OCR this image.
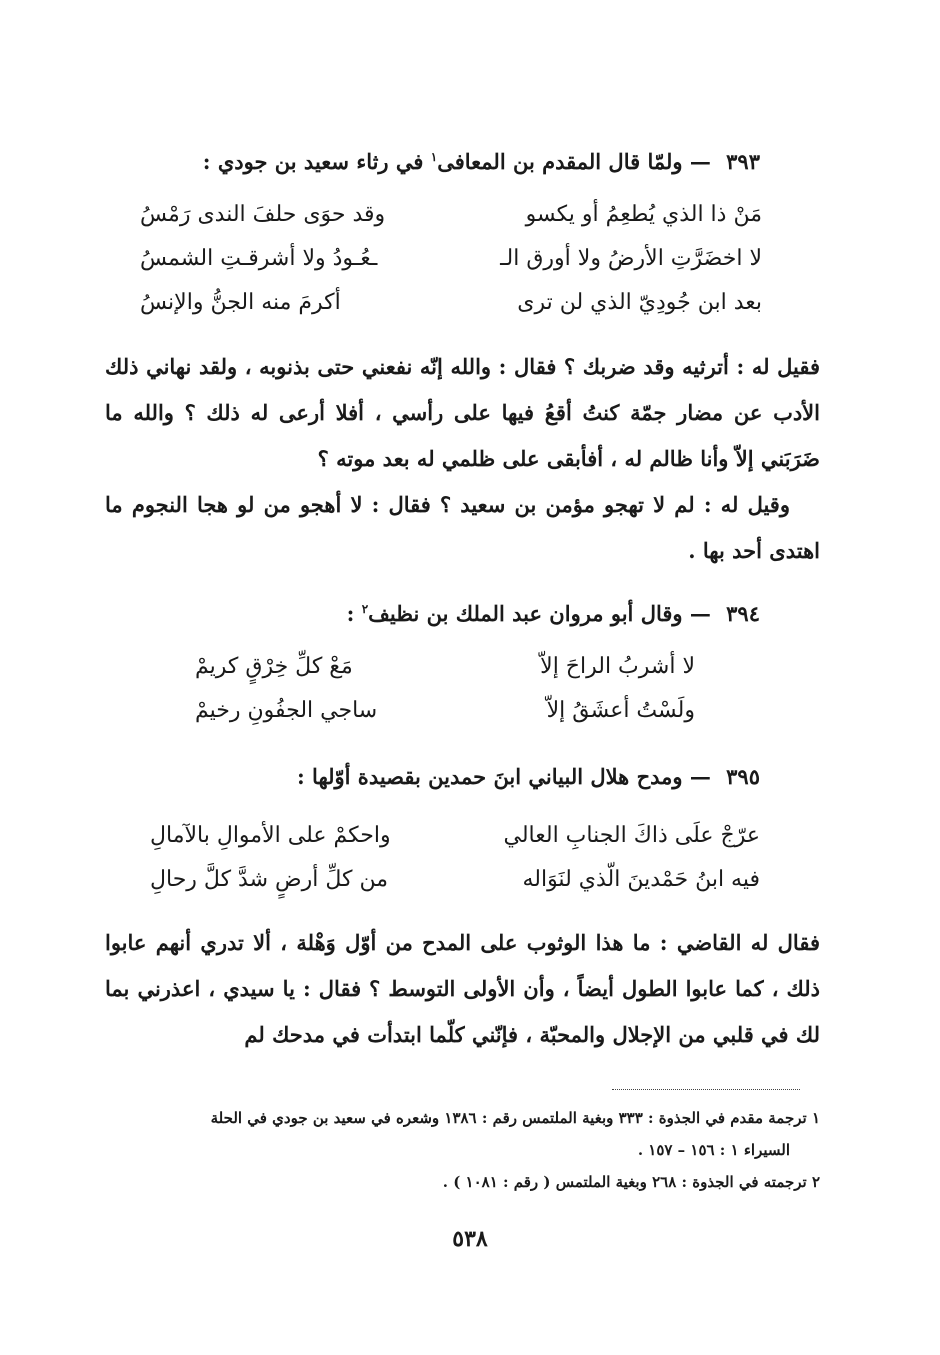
٣٩٣ — ولمّا قال المقدم بن المعافى$^١$ في رثاء سعيد بن جودي :
مَنْ ذا الذي يُطعِمُ أو يكسو
وقد حوَى حلفَ الندى رَمْسُ
لا اخضَرَّتِ الأرضُ ولا أورق الـ
ـعُـودُ ولا أشرقـتِ الشمسُ
بعد ابن جُودِيّ الذي لن ترى
أكرمَ منه الجنُّ والإنسُ
فقيل له : أترثيه وقد ضربك ؟ فقال : والله إنّه نفعني حتى بذنوبه ، ولقد نهاني ذلك الأدب عن مضار جمّة كنتُ أقعُ فيها على رأسي ، أفلا أرعى له ذلك ؟ والله ما ضَرَبَني إلاّ وأنا ظالم له ، أفأبقى على ظلمي له بعد موته ؟
وقيل له : لم لا تهجو مؤمن بن سعيد ؟ فقال : لا أهجو من لو هجا النجوم ما اهتدى أحد بها .
٣٩٤ — وقال أبو مروان عبد الملك بن نظيف$^٢$ :
لا أشربُ الراحَ إلاّ
مَعْ كلِّ خِرْقٍ كريمْ
ولَسْتُ أعشَقُ إلاّ
ساجي الجفُونِ رخيمْ
٣٩٥ — ومدح هلال البياني ابنَ حمدين بقصيدة أوّلها :
عرّجْ علَى ذاكَ الجنابِ العالي
واحكمْ على الأموالِ بالآمالِ
فيه ابنُ حَمْدينَ الّذي لنَوَاله
من كلِّ أرضٍ شدَّ كلَّ رحالِ
فقال له القاضي : ما هذا الوثوب على المدح من أوّل وَهْلة ، ألا تدري أنهم عابوا ذلك ، كما عابوا الطول أيضاً ، وأن الأولى التوسط ؟ فقال : يا سيدي ، اعذرني بما لك في قلبي من الإجلال والمحبّة ، فإنّني كلّما ابتدأت في مدحك لم
١ ترجمة مقدم في الجذوة : ٣٣٣ وبغية الملتمس رقم : ١٣٨٦ وشعره في سعيد بن جودي في الحلة
السيراء ١ : ١٥٦ – ١٥٧ .
٢ ترجمته في الجذوة : ٢٦٨ وبغية الملتمس ( رقم : ١٠٨١ ) .
٥٣٨
